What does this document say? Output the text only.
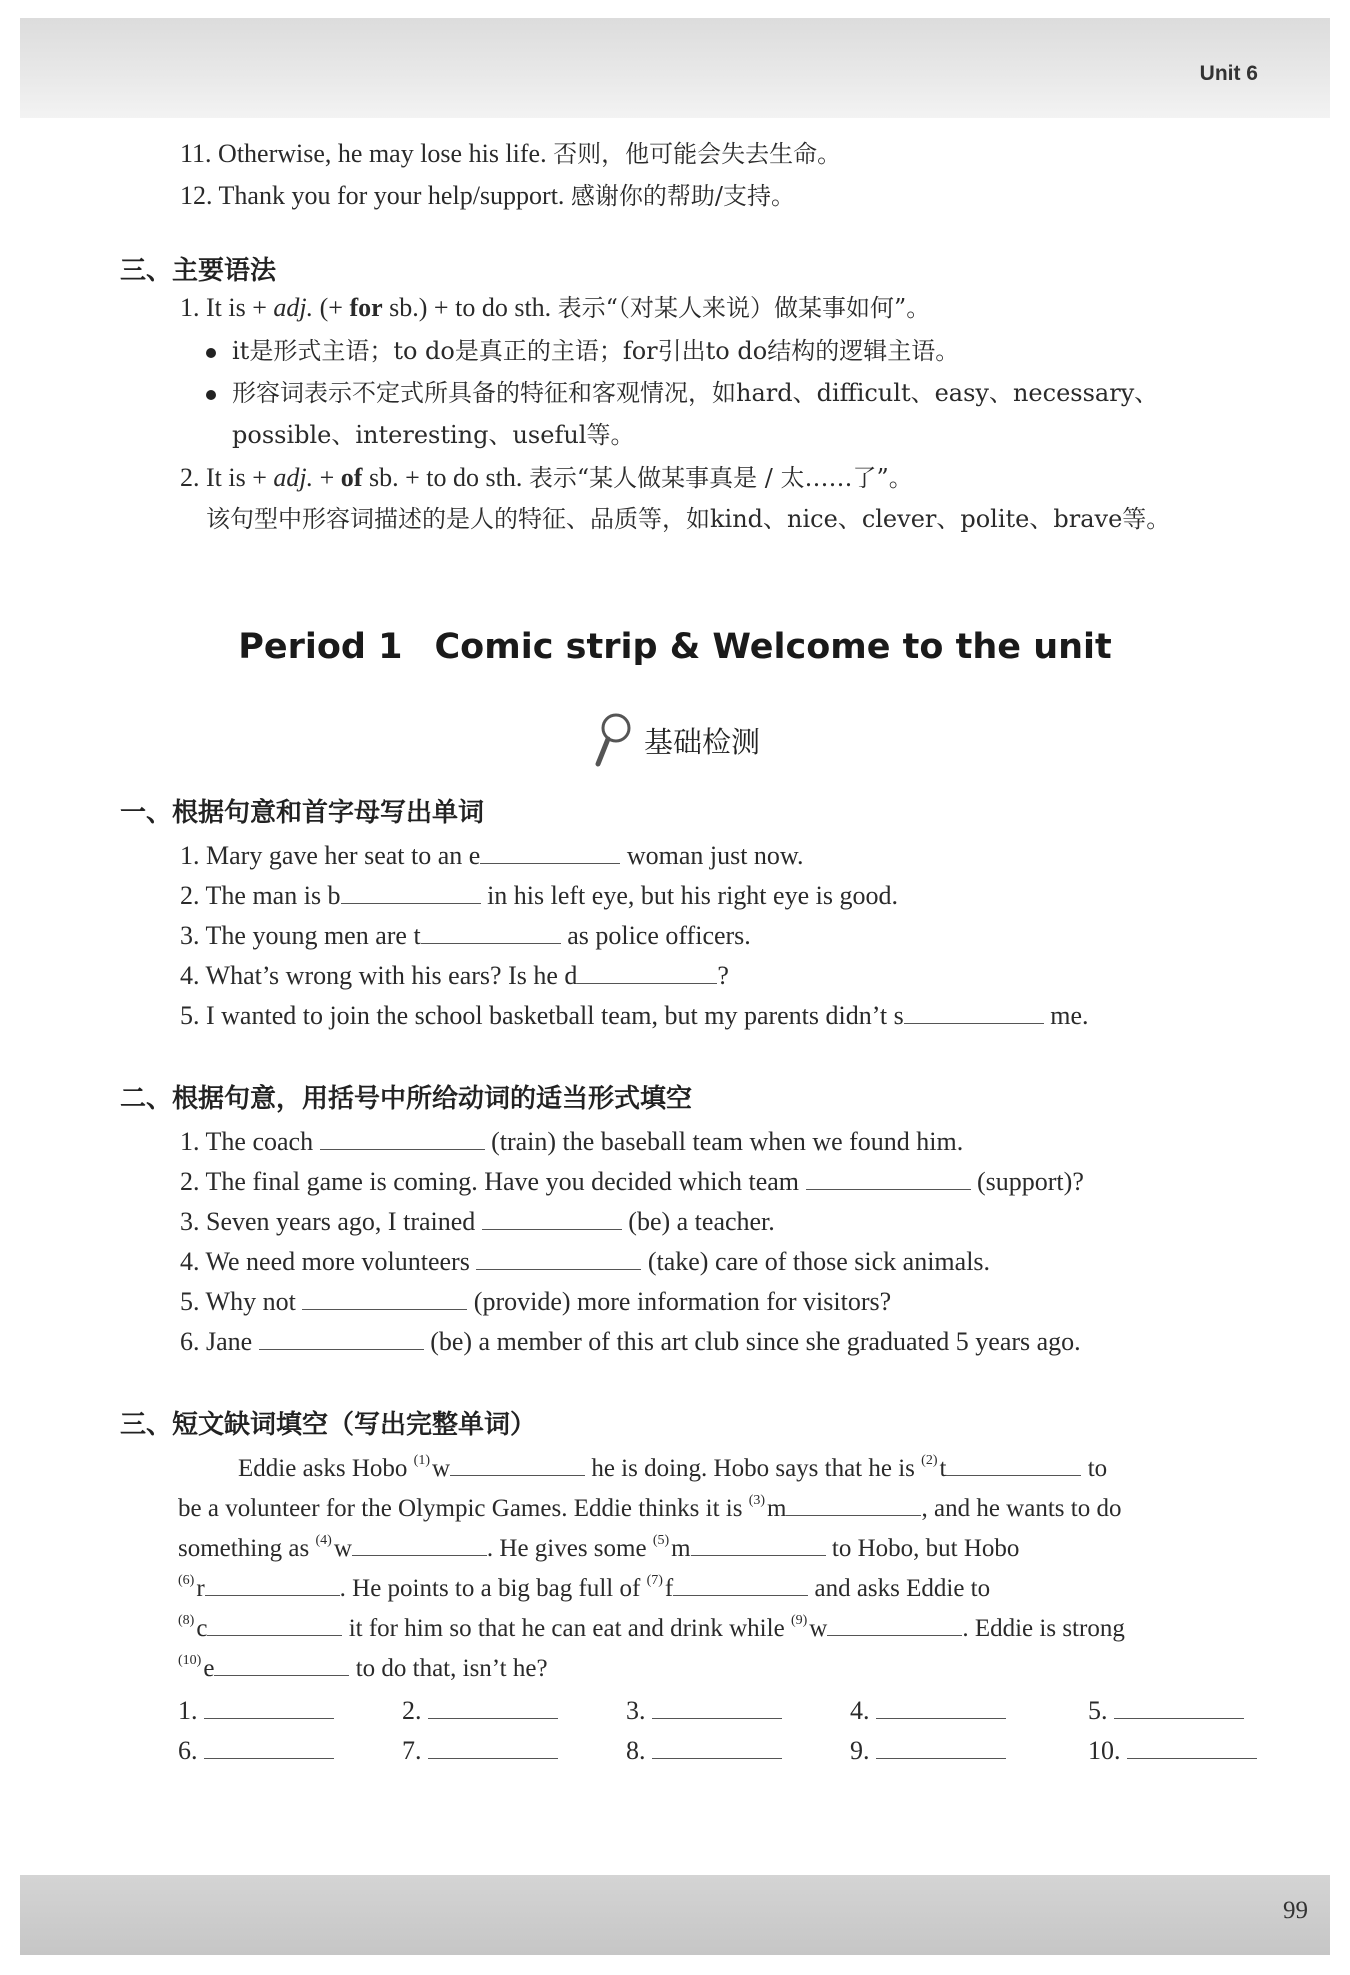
Unit 6
11. Otherwise, he may lose his life. 否则，他可能会失去生命。
12. Thank you for your help/support. 感谢你的帮助/支持。
三、主要语法
1. It is + adj. (+ for sb.) + to do sth. 表示“（对某人来说）做某事如何”。
it是形式主语；to do是真正的主语；for引出to do结构的逻辑主语。
形容词表示不定式所具备的特征和客观情况，如hard、difficult、easy、necessary、
possible、interesting、useful等。
2. It is + adj. + of sb. + to do sth. 表示“某人做某事真是 / 太……了”。
该句型中形容词描述的是人的特征、品质等，如kind、nice、clever、polite、brave等。
Period 1 Comic strip & Welcome to the unit
基础检测
一、根据句意和首字母写出单词
1. Mary gave her seat to an e	woman just now.
2. The man is b	in his left eye, but his right eye is good.
3. The young men are t	as police officers.
4. What’s wrong with his ears? Is he d	?
5. I wanted to join the school basketball team, but my parents didn’t s	me.
二、根据句意，用括号中所给动词的适当形式填空
1. The coach	(train) the baseball team when we found him.
2. The final game is coming. Have you decided which team	(support)?
3. Seven years ago, I trained	(be) a teacher.
4. We need more volunteers	(take) care of those sick animals.
5. Why not	(provide) more information for visitors?
6. Jane	(be) a member of this art club since she graduated 5 years ago.
三、短文缺词填空（写出完整单词）
Eddie asks Hobo $^{(1)}$w	he is doing. Hobo says that he is $^{(2)}$t	to
be a volunteer for the Olympic Games. Eddie thinks it is $^{(3)}$m	, and he wants to do
something as $^{(4)}$w	. He gives some $^{(5)}$m	to Hobo, but Hobo
$^{(6)}$r	. He points to a big bag full of $^{(7)}$f	and asks Eddie to
$^{(8)}$c	it for him so that he can eat and drink while $^{(9)}$w	. Eddie is strong
$^{(10)}$e	to do that, isn’t he?
1.	2.	3.	4.	5.
6.	7.	8.	9.	10.
99
